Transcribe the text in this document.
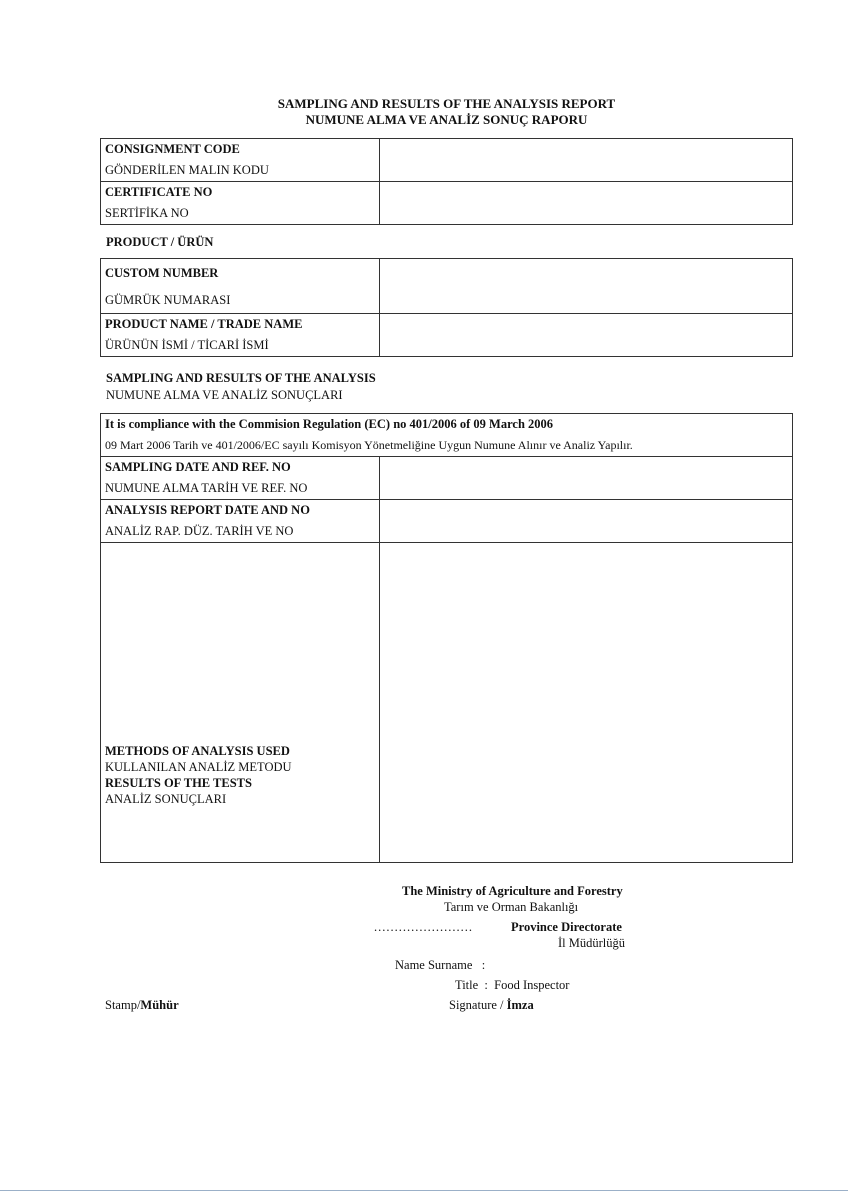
SAMPLING AND RESULTS OF THE ANALYSIS REPORT
NUMUNE ALMA VE ANALİZ SONUÇ RAPORU
CONSIGNMENT CODE
GÖNDERİLEN MALIN KODU	

CERTIFICATE NO
SERTİFİKA NO	

PRODUCT / ÜRÜN
CUSTOM NUMBER
GÜMRÜK NUMARASI	

PRODUCT NAME / TRADE NAME
ÜRÜNÜN İSMİ / TİCARİ İSMİ	

SAMPLING AND RESULTS OF THE ANALYSIS
NUMUNE ALMA VE ANALİZ SONUÇLARI
It is compliance with the Commision Regulation (EC) no 401/2006 of 09 March 2006
09 Mart 2006 Tarih ve 401/2006/EC sayılı Komisyon Yönetmeliğine Uygun Numune Alınır ve Analiz Yapılır.	

SAMPLING DATE AND REF. NO
NUMUNE ALMA TARİH VE REF. NO	

ANALYSIS REPORT DATE AND NO
ANALİZ RAP. DÜZ. TARİH VE NO	

METHODS OF ANALYSIS USED
KULLANILAN ANALİZ METODU
RESULTS OF THE TESTS
ANALİZ SONUÇLARI	

The Ministry of Agriculture and Forestry
Tarım ve Orman Bakanlığı
........................	Province Directorate
İl Müdürlüğü
Name Surname   :
Title  :  Food Inspector
Signature / İmza
Stamp/Mühür
